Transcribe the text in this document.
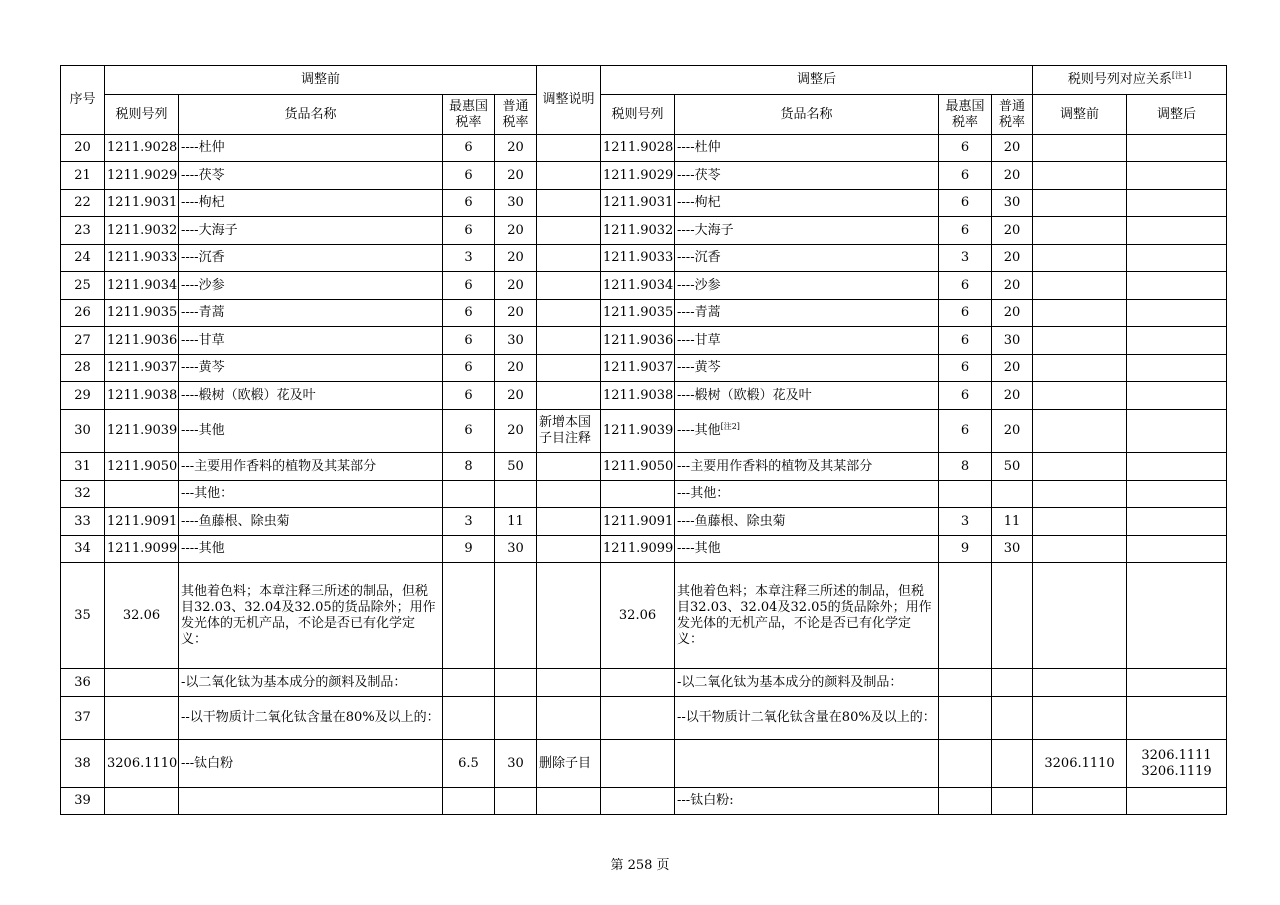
序号	调整前				调整说明	调整后				税则号列对应关系[注1]
	税则号列	货品名称	最惠国税率	普通税率		税则号列	货品名称	最惠国税率	普通税率	调整前	调整后
20	1211.9028	----杜仲	6	20		1211.9028	----杜仲	6	20		
21	1211.9029	----茯苓	6	20		1211.9029	----茯苓	6	20		
22	1211.9031	----枸杞	6	30		1211.9031	----枸杞	6	30		
23	1211.9032	----大海子	6	20		1211.9032	----大海子	6	20		
24	1211.9033	----沉香	3	20		1211.9033	----沉香	3	20		
25	1211.9034	----沙参	6	20		1211.9034	----沙参	6	20		
26	1211.9035	----青蒿	6	20		1211.9035	----青蒿	6	20		
27	1211.9036	----甘草	6	30		1211.9036	----甘草	6	30		
28	1211.9037	----黄芩	6	20		1211.9037	----黄芩	6	20		
29	1211.9038	----椴树（欧椴）花及叶	6	20		1211.9038	----椴树（欧椴）花及叶	6	20		
30	1211.9039	----其他	6	20	新增本国子目注释	1211.9039	----其他[注2]	6	20		
31	1211.9050	---主要用作香料的植物及其某部分	8	50		1211.9050	---主要用作香料的植物及其某部分	8	50		
32		---其他：					---其他：				
33	1211.9091	----鱼藤根、除虫菊	3	11		1211.9091	----鱼藤根、除虫菊	3	11		
34	1211.9099	----其他	9	30		1211.9099	----其他	9	30		
35	32.06	其他着色料；本章注释三所述的制品，但税目32.03、32.04及32.05的货品除外；用作发光体的无机产品，不论是否已有化学定义：				32.06	其他着色料；本章注释三所述的制品，但税目32.03、32.04及32.05的货品除外；用作发光体的无机产品，不论是否已有化学定义：				
36		-以二氧化钛为基本成分的颜料及制品：					-以二氧化钛为基本成分的颜料及制品：				
37		--以干物质计二氧化钛含量在80%及以上的：					--以干物质计二氧化钛含量在80%及以上的：				
38	3206.1110	---钛白粉	6.5	30	删除子目					3206.1110	3206.1111
3206.1119
39							---钛白粉:				
第 258 页
